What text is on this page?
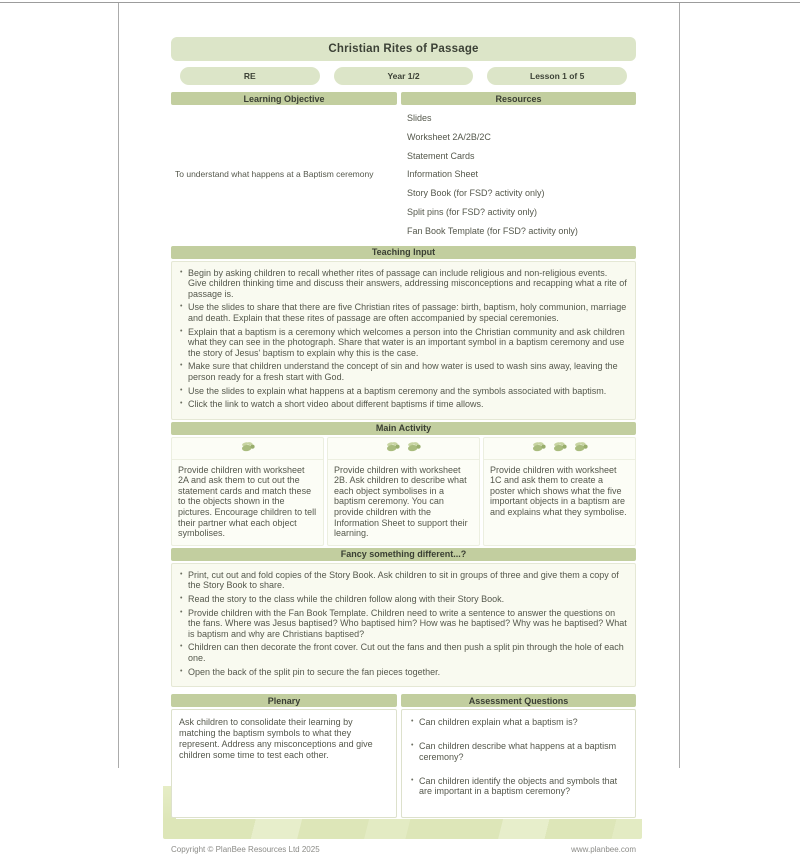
Christian Rites of Passage
RE	Year 1/2	Lesson 1 of 5
Learning Objective	Resources
To understand what happens at a Baptism ceremony
Slides
Worksheet 2A/2B/2C
Statement Cards
Information Sheet
Story Book (for FSD? activity only)
Split pins (for FSD? activity only)
Fan Book Template (for FSD? activity only)
Teaching Input
• Begin by asking children to recall whether rites of passage can include religious and non-religious events. Give children thinking time and discuss their answers, addressing misconceptions and recapping what a rite of passage is.
• Use the slides to share that there are five Christian rites of passage: birth, baptism, holy communion, marriage and death. Explain that these rites of passage are often accompanied by special ceremonies.
• Explain that a baptism is a ceremony which welcomes a person into the Christian community and ask children what they can see in the photograph. Share that water is an important symbol in a baptism ceremony and use the story of Jesus' baptism to explain why this is the case.
• Make sure that children understand the concept of sin and how water is used to wash sins away, leaving the person ready for a fresh start with God.
• Use the slides to explain what happens at a baptism ceremony and the symbols associated with baptism.
• Click the link to watch a short video about different baptisms if time allows.
Main Activity
Provide children with worksheet 2A and ask them to cut out the statement cards and match these to the objects shown in the pictures. Encourage children to tell their partner what each object symbolises.
Provide children with worksheet 2B. Ask children to describe what each object symbolises in a baptism ceremony. You can provide children with the Information Sheet to support their learning.
Provide children with worksheet 1C and ask them to create a poster which shows what the five important objects in a baptism are and explains what they symbolise.
Fancy something different...?
• Print, cut out and fold copies of the Story Book. Ask children to sit in groups of three and give them a copy of the Story Book to share.
• Read the story to the class while the children follow along with their Story Book.
• Provide children with the Fan Book Template. Children need to write a sentence to answer the questions on the fans. Where was Jesus baptised? Who baptised him? How was he baptised? Why was he baptised? What is baptism and why are Christians baptised?
• Children can then decorate the front cover. Cut out the fans and then push a split pin through the hole of each one.
• Open the back of the split pin to secure the fan pieces together.
Plenary	Assessment Questions
Ask children to consolidate their learning by matching the baptism symbols to what they represent. Address any misconceptions and give children some time to test each other.
• Can children explain what a baptism is?
• Can children describe what happens at a baptism ceremony?
• Can children identify the objects and symbols that are important in a baptism ceremony?
Copyright © PlanBee Resources Ltd 2025	www.planbee.com
